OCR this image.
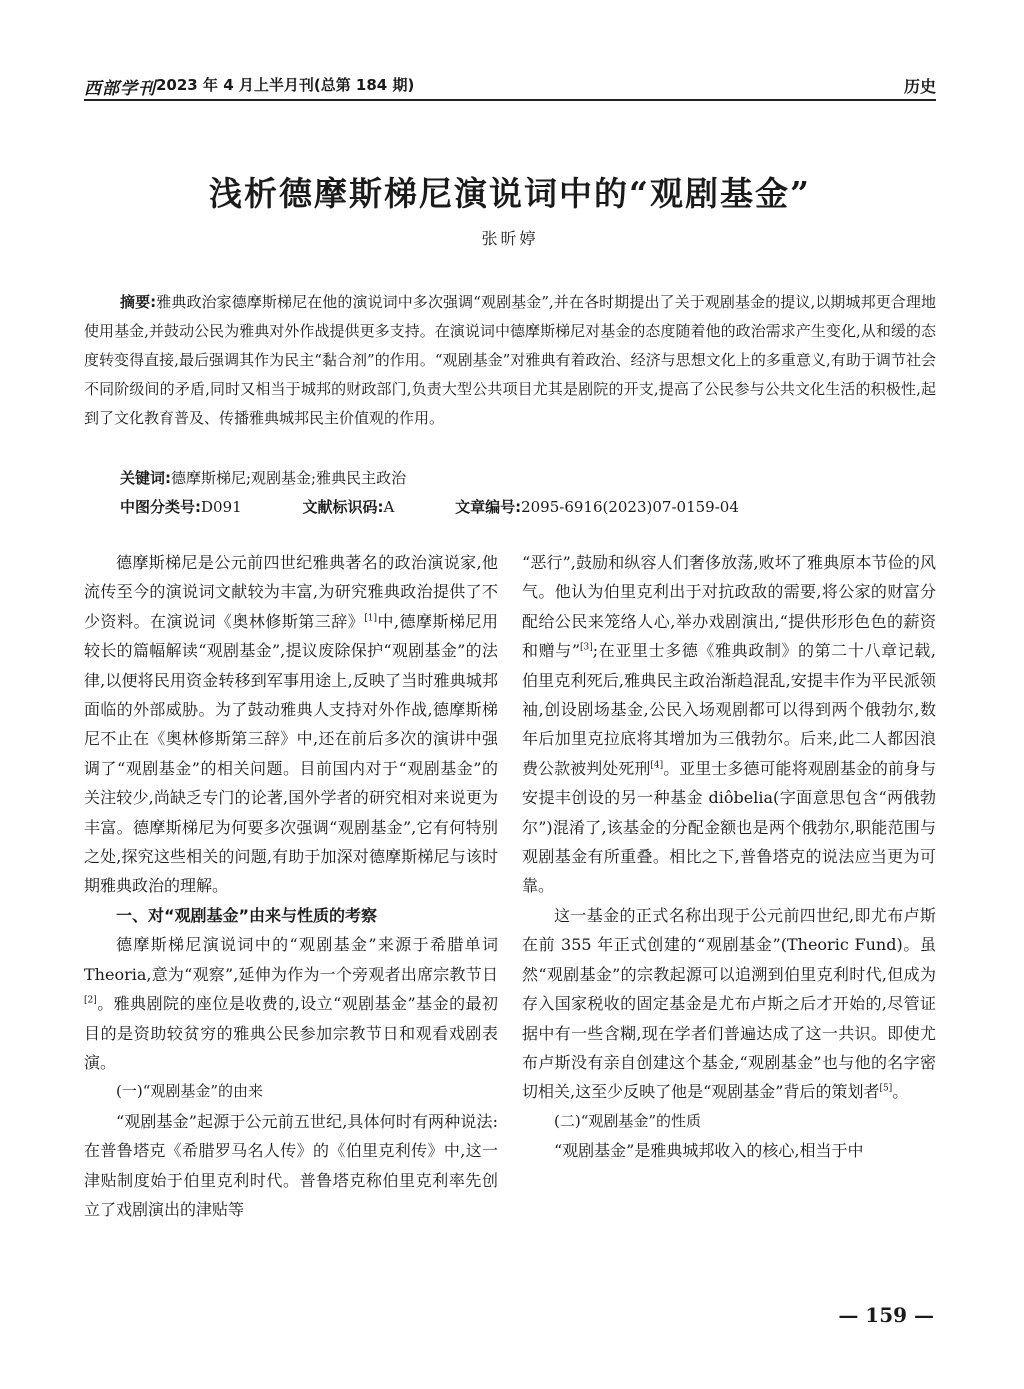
西部学刊 2023 年 4 月上半月刊(总第 184 期)	历史
浅析德摩斯梯尼演说词中的“观剧基金”
张昕婷
摘要:雅典政治家德摩斯梯尼在他的演说词中多次强调“观剧基金”,并在各时期提出了关于观剧基金的提议,以期城邦更合理地使用基金,并鼓动公民为雅典对外作战提供更多支持。在演说词中德摩斯梯尼对基金的态度随着他的政治需求产生变化,从和缓的态度转变得直接,最后强调其作为民主“黏合剂”的作用。“观剧基金”对雅典有着政治、经济与思想文化上的多重意义,有助于调节社会不同阶级间的矛盾,同时又相当于城邦的财政部门,负责大型公共项目尤其是剧院的开支,提高了公民参与公共文化生活的积极性,起到了文化教育普及、传播雅典城邦民主价值观的作用。
关键词:德摩斯梯尼;观剧基金;雅典民主政治
中图分类号:D091	文献标识码:A	文章编号:2095-6916(2023)07-0159-04

德摩斯梯尼是公元前四世纪雅典著名的政治演说家,他流传至今的演说词文献较为丰富,为研究雅典政治提供了不少资料。在演说词《奥林修斯第三辞》[1]中,德摩斯梯尼用较长的篇幅解读“观剧基金”,提议废除保护“观剧基金”的法律,以便将民用资金转移到军事用途上,反映了当时雅典城邦面临的外部威胁。为了鼓动雅典人支持对外作战,德摩斯梯尼不止在《奥林修斯第三辞》中,还在前后多次的演讲中强调了“观剧基金”的相关问题。目前国内对于“观剧基金”的关注较少,尚缺乏专门的论著,国外学者的研究相对来说更为丰富。德摩斯梯尼为何要多次强调“观剧基金”,它有何特别之处,探究这些相关的问题,有助于加深对德摩斯梯尼与该时期雅典政治的理解。

一、对“观剧基金”由来与性质的考察

德摩斯梯尼演说词中的“观剧基金”来源于希腊单词 Theoria,意为“观察”,延伸为作为一个旁观者出席宗教节日[2]。雅典剧院的座位是收费的,设立“观剧基金”基金的最初目的是资助较贫穷的雅典公民参加宗教节日和观看戏剧表演。

(一)“观剧基金”的由来

“观剧基金”起源于公元前五世纪,具体何时有两种说法:在普鲁塔克《希腊罗马名人传》的《伯里克利传》中,这一津贴制度始于伯里克利时代。普鲁塔克称伯里克利率先创立了戏剧演出的津贴等

“恶行”,鼓励和纵容人们奢侈放荡,败坏了雅典原本节俭的风气。他认为伯里克利出于对抗政敌的需要,将公家的财富分配给公民来笼络人心,举办戏剧演出,“提供形形色色的薪资和赠与”[3];在亚里士多德《雅典政制》的第二十八章记载,伯里克利死后,雅典民主政治渐趋混乱,安提丰作为平民派领袖,创设剧场基金,公民入场观剧都可以得到两个俄勃尔,数年后加里克拉底将其增加为三俄勃尔。后来,此二人都因浪费公款被判处死刑[4]。亚里士多德可能将观剧基金的前身与安提丰创设的另一种基金 diôbelia(字面意思包含“两俄勃尔”)混淆了,该基金的分配金额也是两个俄勃尔,职能范围与观剧基金有所重叠。相比之下,普鲁塔克的说法应当更为可靠。

这一基金的正式名称出现于公元前四世纪,即尤布卢斯在前 355 年正式创建的“观剧基金”(Theoric Fund)。虽然“观剧基金”的宗教起源可以追溯到伯里克利时代,但成为存入国家税收的固定基金是尤布卢斯之后才开始的,尽管证据中有一些含糊,现在学者们普遍达成了这一共识。即使尤布卢斯没有亲自创建这个基金,“观剧基金”也与他的名字密切相关,这至少反映了他是“观剧基金”背后的策划者[5]。

(二)“观剧基金”的性质

“观剧基金”是雅典城邦收入的核心,相当于中

— 159 —
